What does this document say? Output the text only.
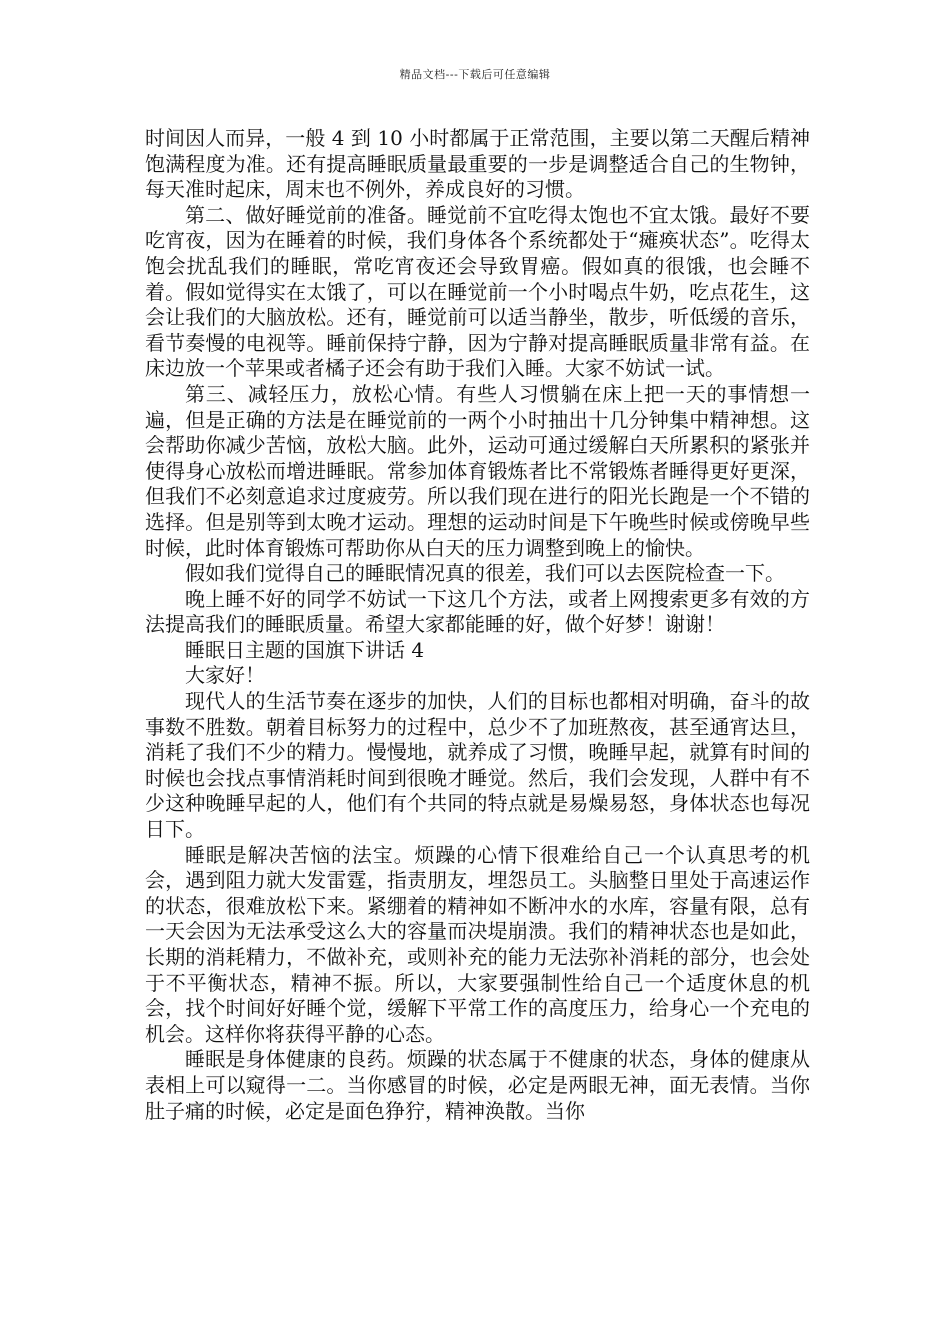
精品文档---下载后可任意编辑

时间因人而异，一般 4 到 10 小时都属于正常范围，主要以第二天醒后精神饱满程度为准。还有提高睡眠质量最重要的一步是调整适合自己的生物钟，每天准时起床，周末也不例外，养成良好的习惯。

第二、做好睡觉前的准备。睡觉前不宜吃得太饱也不宜太饿。最好不要吃宵夜，因为在睡着的时候，我们身体各个系统都处于“瘫痪状态”。吃得太饱会扰乱我们的睡眠，常吃宵夜还会导致胃癌。假如真的很饿，也会睡不着。假如觉得实在太饿了，可以在睡觉前一个小时喝点牛奶，吃点花生，这会让我们的大脑放松。还有，睡觉前可以适当静坐，散步，听低缓的音乐，看节奏慢的电视等。睡前保持宁静，因为宁静对提高睡眠质量非常有益。在床边放一个苹果或者橘子还会有助于我们入睡。大家不妨试一试。

第三、减轻压力，放松心情。有些人习惯躺在床上把一天的事情想一遍，但是正确的方法是在睡觉前的一两个小时抽出十几分钟集中精神想。这会帮助你减少苦恼，放松大脑。此外，运动可通过缓解白天所累积的紧张并使得身心放松而增进睡眠。常参加体育锻炼者比不常锻炼者睡得更好更深，但我们不必刻意追求过度疲劳。所以我们现在进行的阳光长跑是一个不错的选择。但是别等到太晚才运动。理想的运动时间是下午晚些时候或傍晚早些时候，此时体育锻炼可帮助你从白天的压力调整到晚上的愉快。

假如我们觉得自己的睡眠情况真的很差，我们可以去医院检查一下。

晚上睡不好的同学不妨试一下这几个方法，或者上网搜索更多有效的方法提高我们的睡眠质量。希望大家都能睡的好，做个好梦！谢谢！

睡眠日主题的国旗下讲话 4

大家好！

现代人的生活节奏在逐步的加快，人们的目标也都相对明确，奋斗的故事数不胜数。朝着目标努力的过程中，总少不了加班熬夜，甚至通宵达旦，消耗了我们不少的精力。慢慢地，就养成了习惯，晚睡早起，就算有时间的时候也会找点事情消耗时间到很晚才睡觉。然后，我们会发现，人群中有不少这种晚睡早起的人，他们有个共同的特点就是易燥易怒，身体状态也每况日下。

睡眠是解决苦恼的法宝。烦躁的心情下很难给自己一个认真思考的机会，遇到阻力就大发雷霆，指责朋友，埋怨员工。头脑整日里处于高速运作的状态，很难放松下来。紧绷着的精神如不断冲水的水库，容量有限，总有一天会因为无法承受这么大的容量而决堤崩溃。我们的精神状态也是如此，长期的消耗精力，不做补充，或则补充的能力无法弥补消耗的部分，也会处于不平衡状态，精神不振。所以，大家要强制性给自己一个适度休息的机会，找个时间好好睡个觉，缓解下平常工作的高度压力，给身心一个充电的机会。这样你将获得平静的心态。

睡眠是身体健康的良药。烦躁的状态属于不健康的状态，身体的健康从表相上可以窥得一二。当你感冒的时候，必定是两眼无神，面无表情。当你肚子痛的时候，必定是面色狰狞，精神涣散。当你
